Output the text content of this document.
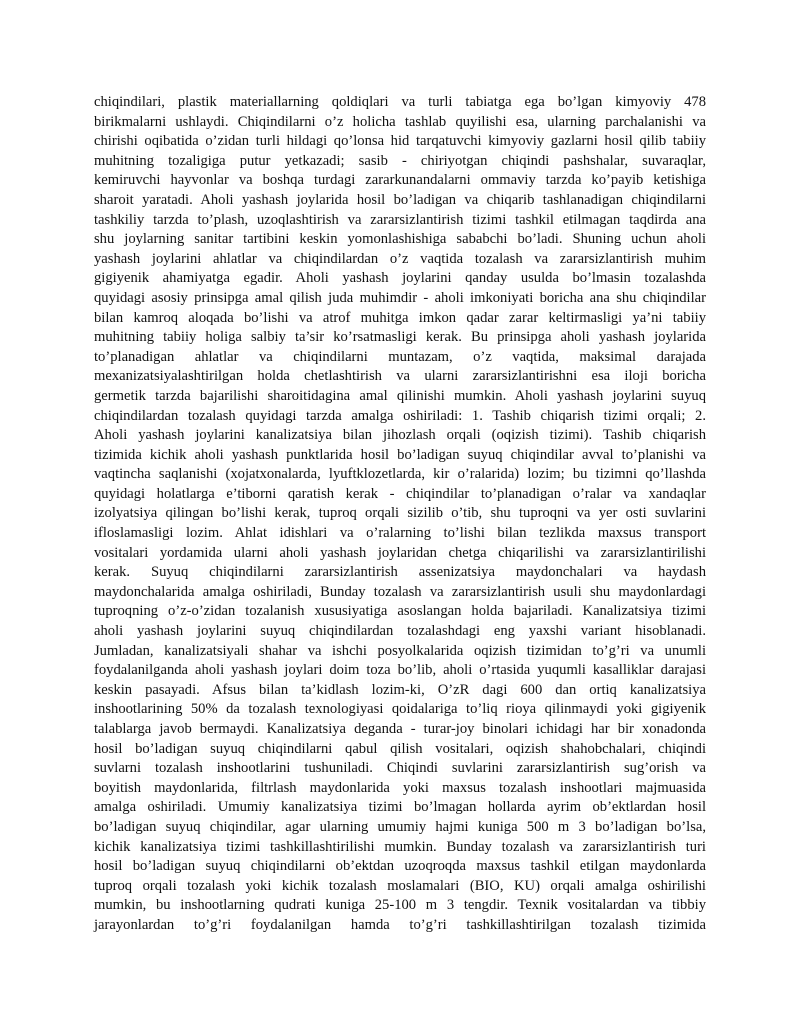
chiqindilari, plastik materiallarning qoldiqlari va turli tabiatga ega bo’lgan kimyoviy 478
birikmalarni ushlaydi. Chiqindilarni o’z holicha tashlab quyilishi esa, ularning parchalanishi va
chirishi oqibatida o’zidan turli hildagi qo’lonsa hid tarqatuvchi kimyoviy gazlarni hosil qilib tabiiy
muhitning tozaligiga putur yetkazadi; sasib - chiriyotgan chiqindi pashshalar, suvaraqlar,
kemiruvchi hayvonlar va boshqa turdagi zararkunandalarni ommaviy tarzda ko’payib ketishiga
sharoit yaratadi. Aholi yashash joylarida hosil bo’ladigan va chiqarib tashlanadigan chiqindilarni
tashkiliy tarzda to’plash, uzoqlashtirish va zararsizlantirish tizimi tashkil etilmagan taqdirda ana
shu joylarning sanitar tartibini keskin yomonlashishiga sababchi bo’ladi. Shuning uchun aholi
yashash joylarini ahlatlar va chiqindilardan o’z vaqtida tozalash va zararsizlantirish muhim
gigiyenik ahamiyatga egadir. Aholi yashash joylarini qanday usulda bo’lmasin tozalashda
quyidagi asosiy prinsipga amal qilish juda muhimdir - aholi imkoniyati boricha ana shu chiqindilar
bilan kamroq aloqada bo’lishi va atrof muhitga imkon qadar zarar keltirmasligi ya’ni tabiiy
muhitning tabiiy holiga salbiy ta’sir ko’rsatmasligi kerak. Bu prinsipga aholi yashash joylarida
to’planadigan ahlatlar va chiqindilarni muntazam, o’z vaqtida, maksimal darajada
mexanizatsiyalashtirilgan holda chetlashtirish va ularni zararsizlantirishni esa iloji boricha
germetik tarzda bajarilishi sharoitidagina amal qilinishi mumkin. Aholi yashash joylarini suyuq
chiqindilardan tozalash quyidagi tarzda amalga oshiriladi: 1. Tashib chiqarish tizimi orqali; 2.
Aholi yashash joylarini kanalizatsiya bilan jihozlash orqali (oqizish tizimi). Tashib chiqarish
tizimida kichik aholi yashash punktlarida hosil bo’ladigan suyuq chiqindilar avval to’planishi va
vaqtincha saqlanishi (xojatxonalarda, lyuftklozetlarda, kir o’ralarida) lozim; bu tizimni qo’llashda
quyidagi holatlarga e’tiborni qaratish kerak - chiqindilar to’planadigan o’ralar va xandaqlar
izolyatsiya qilingan bo’lishi kerak, tuproq orqali sizilib o’tib, shu tuproqni va yer osti suvlarini
ifloslamasligi lozim. Ahlat idishlari va o’ralarning to’lishi bilan tezlikda maxsus transport
vositalari yordamida ularni aholi yashash joylaridan chetga chiqarilishi va zararsizlantirilishi
kerak. Suyuq chiqindilarni zararsizlantirish assenizatsiya maydonchalari va haydash
maydonchalarida amalga oshiriladi, Bunday tozalash va zararsizlantirish usuli shu maydonlardagi
tuproqning o’z-o’zidan tozalanish xususiyatiga asoslangan holda bajariladi. Kanalizatsiya tizimi
aholi yashash joylarini suyuq chiqindilardan tozalashdagi eng yaxshi variant hisoblanadi.
Jumladan, kanalizatsiyali shahar va ishchi posyolkalarida oqizish tizimidan to’g’ri va unumli
foydalanilganda aholi yashash joylari doim toza bo’lib, aholi o’rtasida yuqumli kasalliklar darajasi
keskin pasayadi. Afsus bilan ta’kidlash lozim-ki, O’zR dagi 600 dan ortiq kanalizatsiya
inshootlarining 50% da tozalash texnologiyasi qoidalariga to’liq rioya qilinmaydi yoki gigiyenik
talablarga javob bermaydi. Kanalizatsiya deganda - turar-joy binolari ichidagi har bir xonadonda
hosil bo’ladigan suyuq chiqindilarni qabul qilish vositalari, oqizish shahobchalari, chiqindi
suvlarni tozalash inshootlarini tushuniladi. Chiqindi suvlarini zararsizlantirish sug’orish va
boyitish maydonlarida, filtrlash maydonlarida yoki maxsus tozalash inshootlari majmuasida
amalga oshiriladi. Umumiy kanalizatsiya tizimi bo’lmagan hollarda ayrim ob’ektlardan hosil
bo’ladigan suyuq chiqindilar, agar ularning umumiy hajmi kuniga 500 m 3 bo’ladigan bo’lsa,
kichik kanalizatsiya tizimi tashkillashtirilishi mumkin. Bunday tozalash va zararsizlantirish turi
hosil bo’ladigan suyuq chiqindilarni ob’ektdan uzoqroqda maxsus tashkil etilgan maydonlarda
tuproq orqali tozalash yoki kichik tozalash moslamalari (BIO, KU) orqali amalga oshirilishi
mumkin, bu inshootlarning qudrati kuniga 25-100 m 3 tengdir. Texnik vositalardan va tibbiy
jarayonlardan to’g’ri foydalanilgan hamda to’g’ri tashkillashtirilgan tozalash tizimida
